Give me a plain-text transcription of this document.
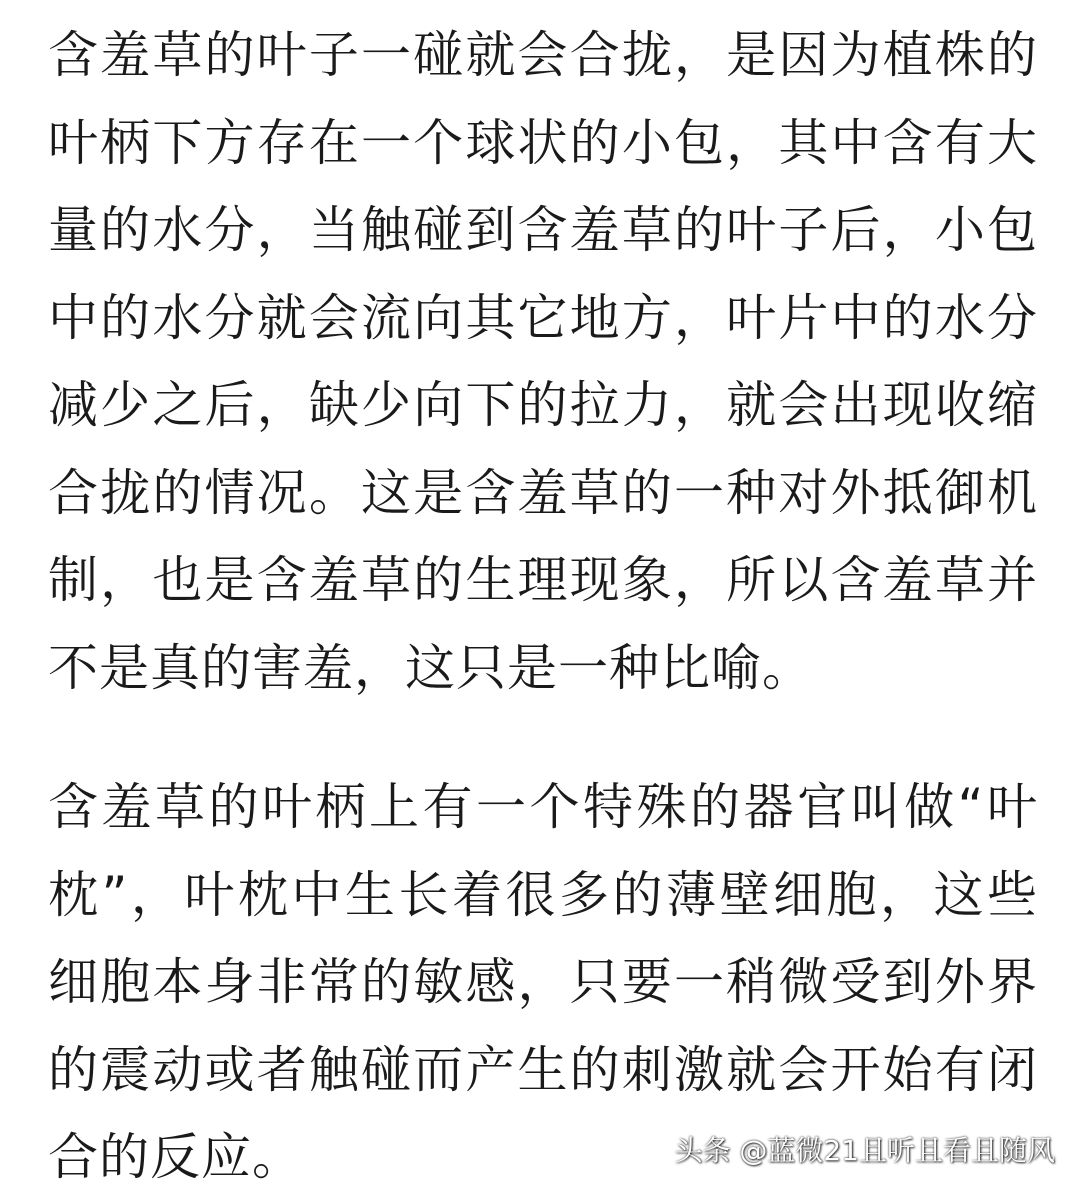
含羞草的叶子一碰就会合拢，是因为植株的叶柄下方存在一个球状的小包，其中含有大量的水分，当触碰到含羞草的叶子后，小包中的水分就会流向其它地方，叶片中的水分减少之后，缺少向下的拉力，就会出现收缩合拢的情况。这是含羞草的一种对外抵御机制，也是含羞草的生理现象，所以含羞草并不是真的害羞，这只是一种比喻。

含羞草的叶柄上有一个特殊的器官叫做“叶枕”，叶枕中生长着很多的薄壁细胞，这些细胞本身非常的敏感，只要一稍微受到外界的震动或者触碰而产生的刺激就会开始有闭合的反应。	头条 @蓝微21且听且看且随风
